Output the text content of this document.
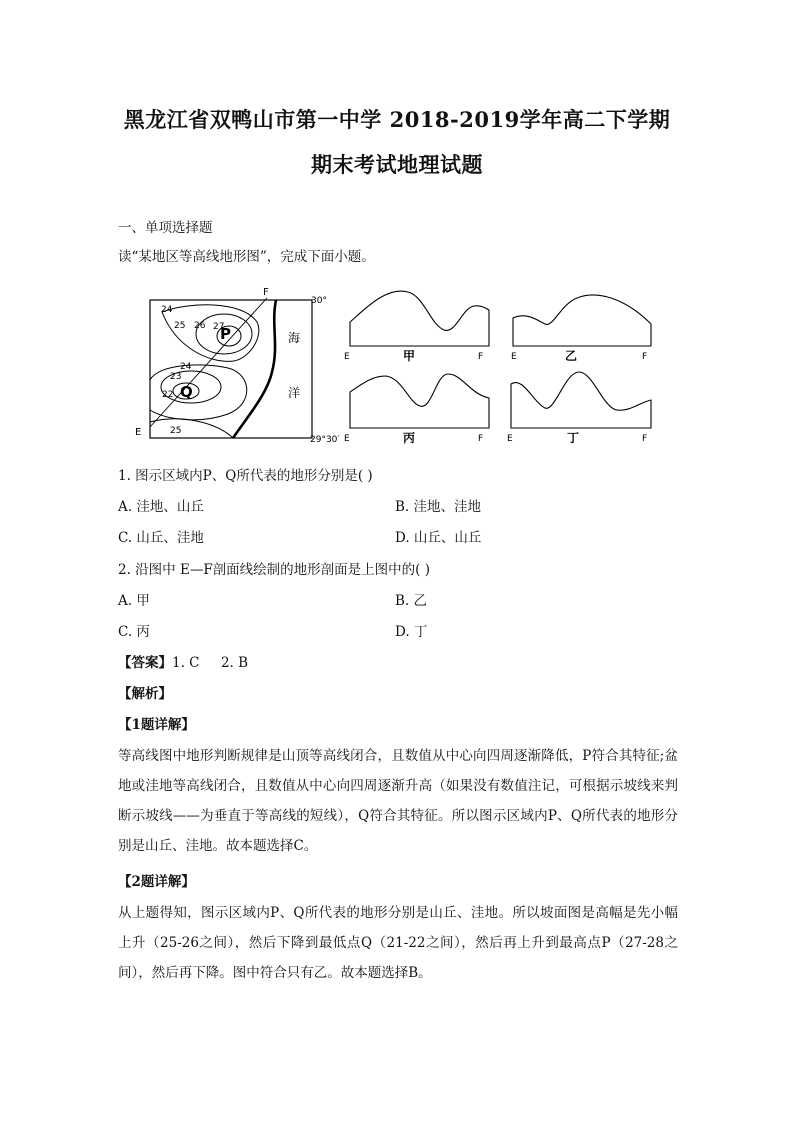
黑龙江省双鸭山市第一中学 2018-2019学年高二下学期
期末考试地理试题
一、单项选择题
读“某地区等高线地形图”，完成下面小题。
F
E
30°
29°30′
海
洋
P
Q
24
25 26 27
24
23
22
25
E	甲	F	E	乙	F
E	丙	F	E	丁	F
1. 图示区域内P、Q所代表的地形分别是( )
A. 洼地、山丘	B. 洼地、洼地
C. 山丘、洼地	D. 山丘、山丘
2. 沿图中 E—F剖面线绘制的地形剖面是上图中的( )
A. 甲	B. 乙
C. 丙	D. 丁
【答案】1. C     2. B
【解析】
【1题详解】
等高线图中地形判断规律是山顶等高线闭合，且数值从中心向四周逐渐降低，P符合其特征;盆地或洼地等高线闭合，且数值从中心向四周逐渐升高（如果没有数值注记，可根据示坡线来判断示坡线——为垂直于等高线的短线），Q符合其特征。所以图示区域内P、Q所代表的地形分别是山丘、洼地。故本题选择C。
【2题详解】
从上题得知，图示区域内P、Q所代表的地形分别是山丘、洼地。所以坡面图是高幅是先小幅上升（25-26之间），然后下降到最低点Q（21-22之间），然后再上升到最高点P（27-28之间），然后再下降。图中符合只有乙。故本题选择B。
